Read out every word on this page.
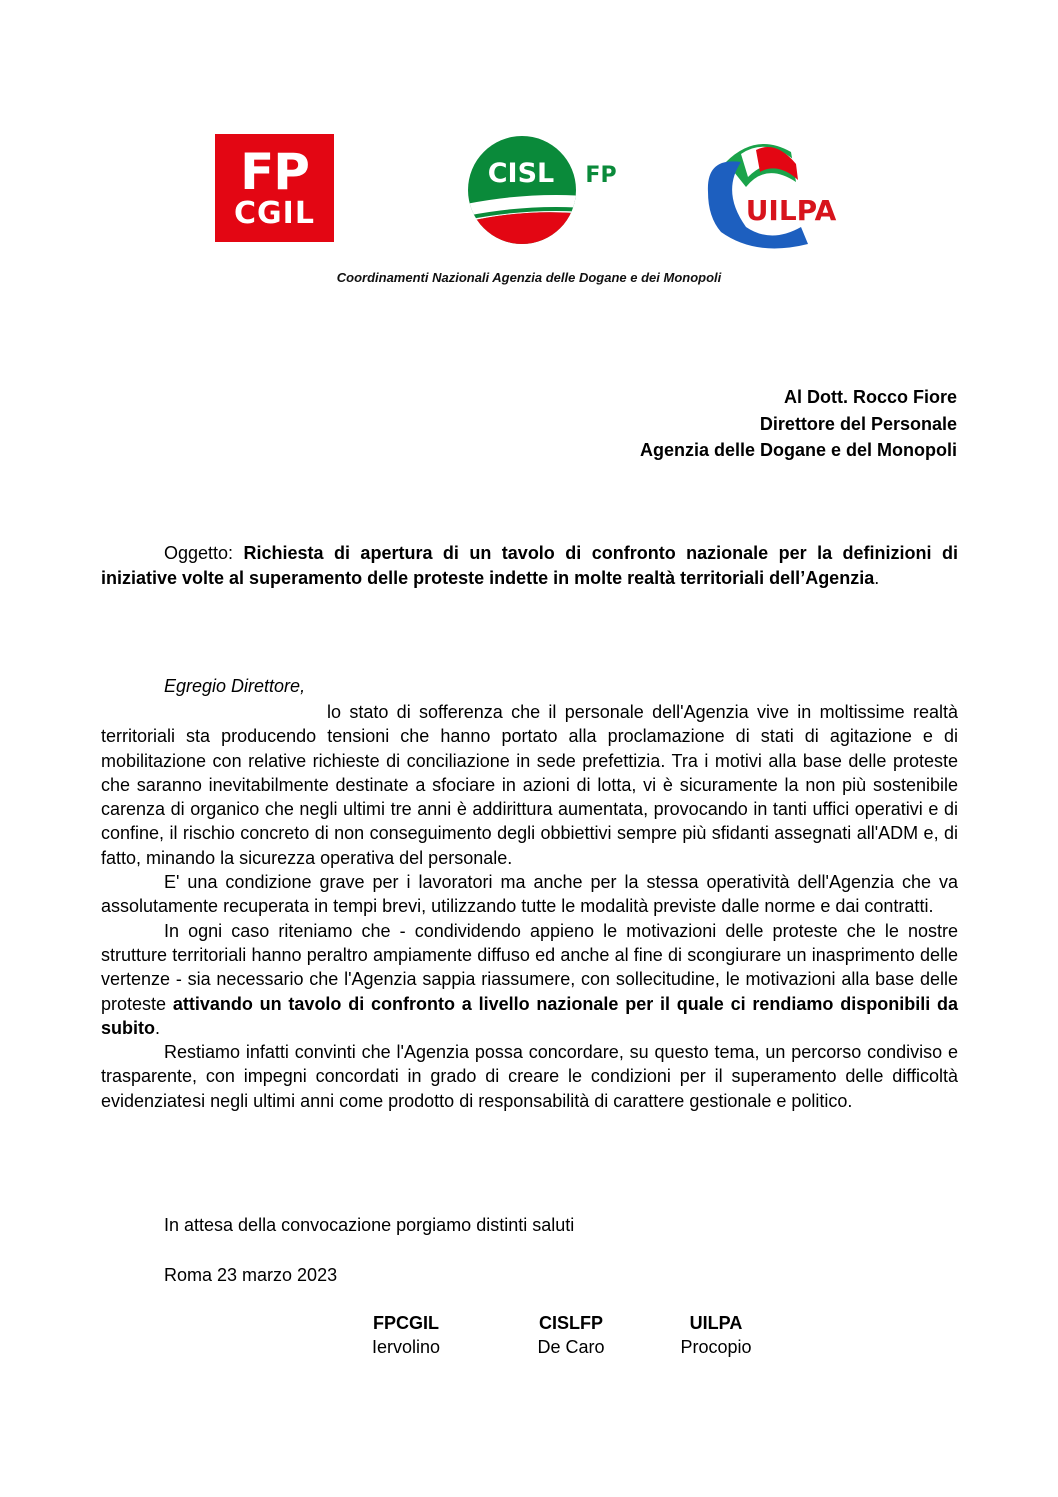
FP
CGIL
CISL FP
UILPA
Coordinamenti Nazionali Agenzia delle Dogane e dei Monopoli
Al Dott. Rocco Fiore
Direttore del Personale
Agenzia delle Dogane e del Monopoli
Oggetto: Richiesta di apertura di un tavolo di confronto nazionale per la definizioni di iniziative volte al superamento delle proteste indette in molte realtà territoriali dell’Agenzia.
Egregio Direttore,

lo stato di sofferenza che il personale dell'Agenzia vive in moltissime realtà territoriali sta producendo tensioni che hanno portato alla proclamazione di stati di agitazione e di mobilitazione con relative richieste di conciliazione in sede prefettizia. Tra i motivi alla base delle proteste che saranno inevitabilmente destinate a sfociare in azioni di lotta, vi è sicuramente la non più sostenibile carenza di organico che negli ultimi tre anni è addirittura aumentata, provocando in tanti uffici operativi e di confine, il rischio concreto di non conseguimento degli obbiettivi sempre più sfidanti assegnati all'ADM e, di fatto, minando la sicurezza operativa del personale.

E' una condizione grave per i lavoratori ma anche per la stessa operatività dell'Agenzia che va assolutamente recuperata in tempi brevi, utilizzando tutte le modalità previste dalle norme e dai contratti.

In ogni caso riteniamo che - condividendo appieno le motivazioni delle proteste che le nostre strutture territoriali hanno peraltro ampiamente diffuso ed anche al fine di scongiurare un inasprimento delle vertenze - sia necessario che l'Agenzia sappia riassumere, con sollecitudine, le motivazioni alla base delle proteste attivando un tavolo di confronto a livello nazionale per il quale ci rendiamo disponibili da subito.

Restiamo infatti convinti che l'Agenzia possa concordare, su questo tema, un percorso condiviso e trasparente, con impegni concordati in grado di creare le condizioni per il superamento delle difficoltà evidenziatesi negli ultimi anni come prodotto di responsabilità di carattere gestionale e politico.

In attesa della convocazione porgiamo distinti saluti
Roma 23 marzo 2023
FPCGIL
Iervolino
CISLFP
De Caro
UILPA
Procopio
